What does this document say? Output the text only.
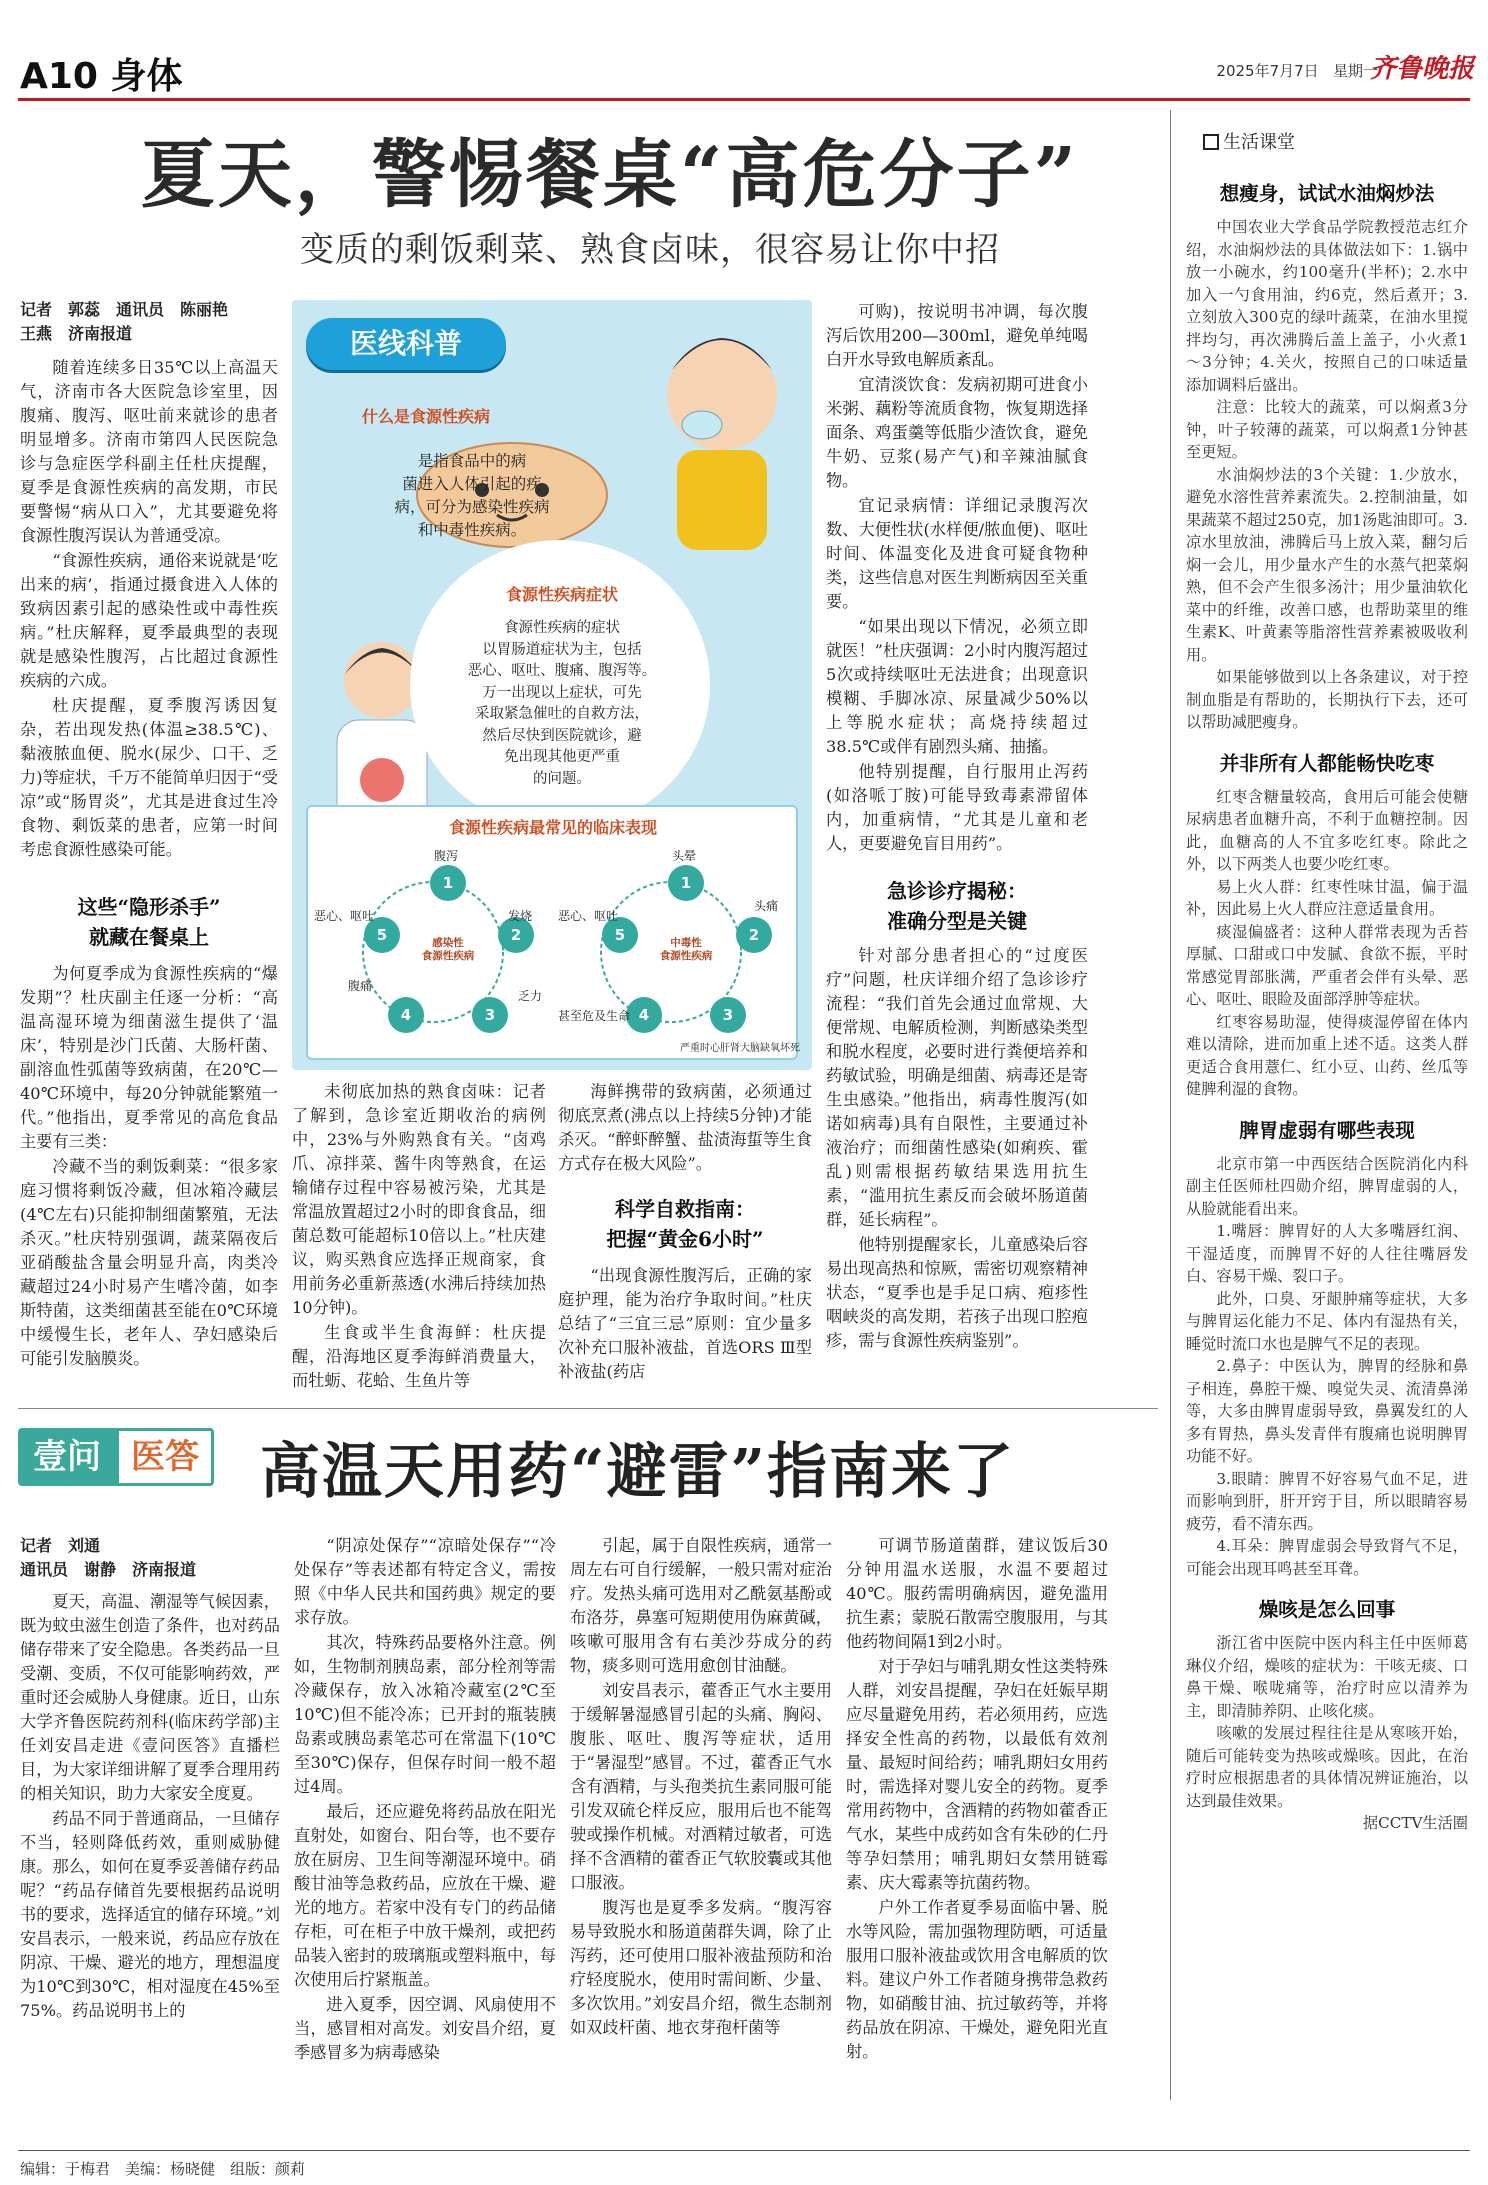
A10 身体	2025年7月7日   星期一
齐鲁晚报
夏天，警惕餐桌“高危分子”
变质的剩饭剩菜、熟食卤味，很容易让你中招
记者　郭蕊　通讯员　陈丽艳
王燕　济南报道

随着连续多日35℃以上高温天气，济南市各大医院急诊室里，因腹痛、腹泻、呕吐前来就诊的患者明显增多。济南市第四人民医院急诊与急症医学科副主任杜庆提醒，夏季是食源性疾病的高发期，市民要警惕“病从口入”，尤其要避免将食源性腹泻误认为普通受凉。

“食源性疾病，通俗来说就是‘吃出来的病’，指通过摄食进入人体的致病因素引起的感染性或中毒性疾病。”杜庆解释，夏季最典型的表现就是感染性腹泻，占比超过食源性疾病的六成。

杜庆提醒，夏季腹泻诱因复杂，若出现发热(体温≥38.5℃)、黏液脓血便、脱水(尿少、口干、乏力)等症状，千万不能简单归因于“受凉”或“肠胃炎”，尤其是进食过生冷食物、剩饭菜的患者，应第一时间考虑食源性感染可能。

这些“隐形杀手”
就藏在餐桌上

为何夏季成为食源性疾病的“爆发期”？杜庆副主任逐一分析：“高温高湿环境为细菌滋生提供了‘温床’，特别是沙门氏菌、大肠杆菌、副溶血性弧菌等致病菌，在20℃—40℃环境中，每20分钟就能繁殖一代。”他指出，夏季常见的高危食品主要有三类：

冷藏不当的剩饭剩菜：“很多家庭习惯将剩饭冷藏，但冰箱冷藏层(4℃左右)只能抑制细菌繁殖，无法杀灭。”杜庆特别强调，蔬菜隔夜后亚硝酸盐含量会明显升高，肉类冷藏超过24小时易产生嗜冷菌，如李斯特菌，这类细菌甚至能在0℃环境中缓慢生长，老年人、孕妇感染后可能引发脑膜炎。

医线科普
什么是食源性疾病
是指食品中的病
菌进入人体引起的疾
病，可分为感染性疾病
和中毒性疾病。
食源性疾病症状
食源性疾病的症状
以胃肠道症状为主，包括
恶心、呕吐、腹痛、腹泻等。
万一出现以上症状，可先
采取紧急催吐的自救方法，
然后尽快到医院就诊，避
免出现其他更严重
的问题。
食源性疾病最常见的临床表现
感染性
食源性疾病
1
2
3
4
5
腹泻
恶心、呕吐	发烧
腹痛
乏力
中毒性
食源性疾病
1
2
3
4
5
头晕
恶心、呕吐
头痛
甚至危及生命
严重时心肝肾大脑缺氧坏死

未彻底加热的熟食卤味：记者了解到，急诊室近期收治的病例中，23%与外购熟食有关。“卤鸡爪、凉拌菜、酱牛肉等熟食，在运输储存过程中容易被污染，尤其是常温放置超过2小时的即食食品，细菌总数可能超标10倍以上。”杜庆建议，购买熟食应选择正规商家，食用前务必重新蒸透(水沸后持续加热10分钟)。

生食或半生食海鲜：杜庆提醒，沿海地区夏季海鲜消费量大，而牡蛎、花蛤、生鱼片等

海鲜携带的致病菌，必须通过彻底烹煮(沸点以上持续5分钟)才能杀灭。“醉虾醉蟹、盐渍海蜇等生食方式存在极大风险”。

科学自救指南：
把握“黄金6小时”

“出现食源性腹泻后，正确的家庭护理，能为治疗争取时间。”杜庆总结了“三宜三忌”原则：宜少量多次补充口服补液盐，首选ORS Ⅲ型补液盐(药店

可购)，按说明书冲调，每次腹泻后饮用200—300ml，避免单纯喝白开水导致电解质紊乱。

宜清淡饮食：发病初期可进食小米粥、藕粉等流质食物，恢复期选择面条、鸡蛋羹等低脂少渣饮食，避免牛奶、豆浆(易产气)和辛辣油腻食物。

宜记录病情：详细记录腹泻次数、大便性状(水样便/脓血便)、呕吐时间、体温变化及进食可疑食物种类，这些信息对医生判断病因至关重要。

“如果出现以下情况，必须立即就医！”杜庆强调：2小时内腹泻超过5次或持续呕吐无法进食；出现意识模糊、手脚冰凉、尿量减少50%以上等脱水症状；高烧持续超过38.5℃或伴有剧烈头痛、抽搐。

他特别提醒，自行服用止泻药(如洛哌丁胺)可能导致毒素滞留体内，加重病情，“尤其是儿童和老人，更要避免盲目用药”。

急诊诊疗揭秘：
准确分型是关键

针对部分患者担心的“过度医疗”问题，杜庆详细介绍了急诊诊疗流程：“我们首先会通过血常规、大便常规、电解质检测，判断感染类型和脱水程度，必要时进行粪便培养和药敏试验，明确是细菌、病毒还是寄生虫感染。”他指出，病毒性腹泻(如诺如病毒)具有自限性，主要通过补液治疗；而细菌性感染(如痢疾、霍乱)则需根据药敏结果选用抗生素，“滥用抗生素反而会破坏肠道菌群，延长病程”。

他特别提醒家长，儿童感染后容易出现高热和惊厥，需密切观察精神状态，“夏季也是手足口病、疱疹性咽峡炎的高发期，若孩子出现口腔疱疹，需与食源性疾病鉴别”。

生活课堂
想瘦身，试试水油焖炒法

中国农业大学食品学院教授范志红介绍，水油焖炒法的具体做法如下：1.锅中放一小碗水，约100毫升(半杯)；2.水中加入一勺食用油，约6克，然后煮开；3.立刻放入300克的绿叶蔬菜，在油水里搅拌均匀，再次沸腾后盖上盖子，小火煮1～3分钟；4.关火，按照自己的口味适量添加调料后盛出。

注意：比较大的蔬菜，可以焖煮3分钟，叶子较薄的蔬菜，可以焖煮1分钟甚至更短。

水油焖炒法的3个关键：1.少放水，避免水溶性营养素流失。2.控制油量，如果蔬菜不超过250克，加1汤匙油即可。3.凉水里放油，沸腾后马上放入菜，翻匀后焖一会儿，用少量水产生的水蒸气把菜焖熟，但不会产生很多汤汁；用少量油软化菜中的纤维，改善口感，也帮助菜里的维生素K、叶黄素等脂溶性营养素被吸收利用。

如果能够做到以上各条建议，对于控制血脂是有帮助的，长期执行下去，还可以帮助减肥瘦身。

并非所有人都能畅快吃枣

红枣含糖量较高，食用后可能会使糖尿病患者血糖升高，不利于血糖控制。因此，血糖高的人不宜多吃红枣。除此之外，以下两类人也要少吃红枣。

易上火人群：红枣性味甘温，偏于温补，因此易上火人群应注意适量食用。

痰湿偏盛者：这种人群常表现为舌苔厚腻、口甜或口中发腻、食欲不振，平时常感觉胃部胀满，严重者会伴有头晕、恶心、呕吐、眼睑及面部浮肿等症状。

红枣容易助湿，使得痰湿停留在体内难以清除，进而加重上述不适。这类人群更适合食用薏仁、红小豆、山药、丝瓜等健脾利湿的食物。

脾胃虚弱有哪些表现

北京市第一中西医结合医院消化内科副主任医师杜四勋介绍，脾胃虚弱的人，从脸就能看出来。

1.嘴唇：脾胃好的人大多嘴唇红润、干湿适度，而脾胃不好的人往往嘴唇发白、容易干燥、裂口子。

此外，口臭、牙龈肿痛等症状，大多与脾胃运化能力不足、体内有湿热有关，睡觉时流口水也是脾气不足的表现。

2.鼻子：中医认为，脾胃的经脉和鼻子相连，鼻腔干燥、嗅觉失灵、流清鼻涕等，大多由脾胃虚弱导致，鼻翼发红的人多有胃热，鼻头发青伴有腹痛也说明脾胃功能不好。

3.眼睛：脾胃不好容易气血不足，进而影响到肝，肝开窍于目，所以眼睛容易疲劳，看不清东西。

4.耳朵：脾胃虚弱会导致肾气不足，可能会出现耳鸣甚至耳聋。

燥咳是怎么回事

浙江省中医院中医内科主任中医师葛琳仪介绍，燥咳的症状为：干咳无痰、口鼻干燥、喉咙痛等，治疗时应以清养为主，即清肺养阴、止咳化痰。

咳嗽的发展过程往往是从寒咳开始，随后可能转变为热咳或燥咳。因此，在治疗时应根据患者的具体情况辨证施治，以达到最佳效果。

据CCTV生活圈
壹问 医答 高温天用药“避雷”指南来了
记者　刘通
通讯员　谢静　济南报道

夏天，高温、潮湿等气候因素，既为蚊虫滋生创造了条件，也对药品储存带来了安全隐患。各类药品一旦受潮、变质，不仅可能影响药效，严重时还会威胁人身健康。近日，山东大学齐鲁医院药剂科(临床药学部)主任刘安昌走进《壹问医答》直播栏目，为大家详细讲解了夏季合理用药的相关知识，助力大家安全度夏。

药品不同于普通商品，一旦储存不当，轻则降低药效，重则威胁健康。那么，如何在夏季妥善储存药品呢？“药品存储首先要根据药品说明书的要求，选择适宜的储存环境。”刘安昌表示，一般来说，药品应存放在阴凉、干燥、避光的地方，理想温度为10℃到30℃，相对湿度在45%至75%。药品说明书上的

“阴凉处保存”“凉暗处保存”“冷处保存”等表述都有特定含义，需按照《中华人民共和国药典》规定的要求存放。

其次，特殊药品要格外注意。例如，生物制剂胰岛素，部分栓剂等需冷藏保存，放入冰箱冷藏室(2℃至10℃)但不能冷冻；已开封的瓶装胰岛素或胰岛素笔芯可在常温下(10℃至30℃)保存，但保存时间一般不超过4周。

最后，还应避免将药品放在阳光直射处，如窗台、阳台等，也不要存放在厨房、卫生间等潮湿环境中。硝酸甘油等急救药品，应放在干燥、避光的地方。若家中没有专门的药品储存柜，可在柜子中放干燥剂，或把药品装入密封的玻璃瓶或塑料瓶中，每次使用后拧紧瓶盖。

进入夏季，因空调、风扇使用不当，感冒相对高发。刘安昌介绍，夏季感冒多为病毒感染

引起，属于自限性疾病，通常一周左右可自行缓解，一般只需对症治疗。发热头痛可选用对乙酰氨基酚或布洛芬，鼻塞可短期使用伪麻黄碱，咳嗽可服用含有右美沙芬成分的药物，痰多则可选用愈创甘油醚。

刘安昌表示，藿香正气水主要用于缓解暑湿感冒引起的头痛、胸闷、腹胀、呕吐、腹泻等症状，适用于“暑湿型”感冒。不过，藿香正气水含有酒精，与头孢类抗生素同服可能引发双硫仑样反应，服用后也不能驾驶或操作机械。对酒精过敏者，可选择不含酒精的藿香正气软胶囊或其他口服液。

腹泻也是夏季多发病。“腹泻容易导致脱水和肠道菌群失调，除了止泻药，还可使用口服补液盐预防和治疗轻度脱水，使用时需间断、少量、多次饮用。”刘安昌介绍，微生态制剂如双歧杆菌、地衣芽孢杆菌等

可调节肠道菌群，建议饭后30分钟用温水送服，水温不要超过40℃。服药需明确病因，避免滥用抗生素；蒙脱石散需空腹服用，与其他药物间隔1到2小时。

对于孕妇与哺乳期女性这类特殊人群，刘安昌提醒，孕妇在妊娠早期应尽量避免用药，若必须用药，应选择安全性高的药物，以最低有效剂量、最短时间给药；哺乳期妇女用药时，需选择对婴儿安全的药物。夏季常用药物中，含酒精的药物如藿香正气水，某些中成药如含有朱砂的仁丹等孕妇禁用；哺乳期妇女禁用链霉素、庆大霉素等抗菌药物。

户外工作者夏季易面临中暑、脱水等风险，需加强物理防晒，可适量服用口服补液盐或饮用含电解质的饮料。建议户外工作者随身携带急救药物，如硝酸甘油、抗过敏药等，并将药品放在阴凉、干燥处，避免阳光直射。

编辑：于梅君　美编：杨晓健　组版：颜莉
